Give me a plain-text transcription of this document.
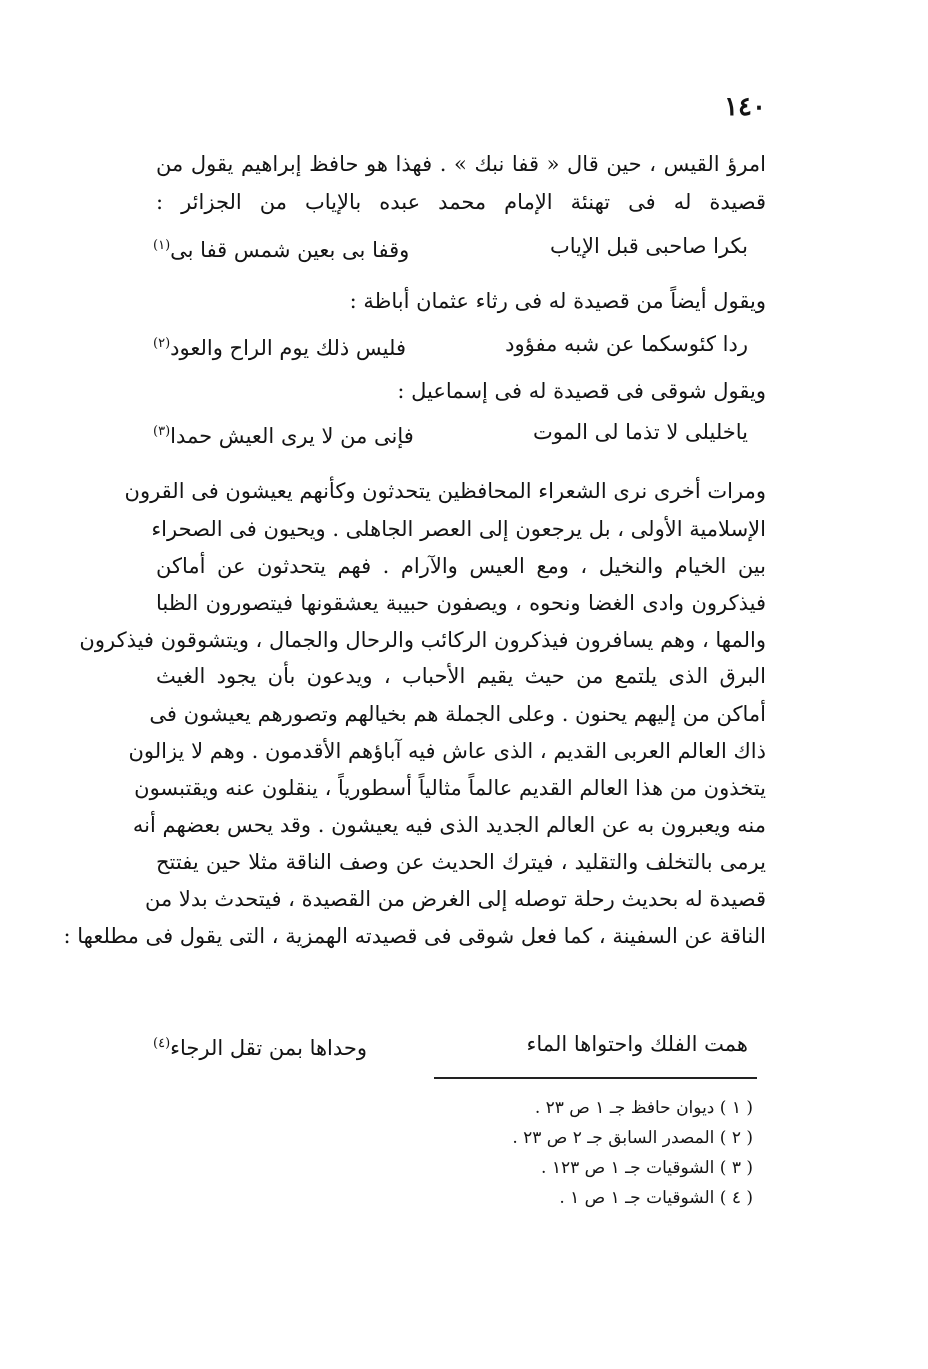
١٤٠
امرؤ القيس ، حين قال « قفا نبك » . فهذا هو حافظ إبراهيم يقول من
قصيدة له فى تهنئة الإمام محمد عبده بالإياب من الجزائر :
بكرا صاحبى قبل الإياب
وقفا بى بعين شمس قفا بى$^{(١)}$
ويقول أيضاً من قصيدة له فى رثاء عثمان أباظة :
ردا كئوسكما عن شبه مفؤود
فليس ذلك يوم الراح والعود$^{(٢)}$
ويقول شوقى فى قصيدة له فى إسماعيل :
ياخليلى لا تذما لى الموت
فإنى من لا يرى العيش حمدا$^{(٣)}$
ومرات أخرى نرى الشعراء المحافظين يتحدثون وكأنهم يعيشون فى القرون
الإسلامية الأولى ، بل يرجعون إلى العصر الجاهلى . ويحيون فى الصحراء
بين الخيام والنخيل ، ومع العيس والآرام . فهم يتحدثون عن أماكن
فيذكرون وادى الغضا ونحوه ، ويصفون حبيبة يعشقونها فيتصورون الظبا
والمها ، وهم يسافرون فيذكرون الركائب والرحال والجمال ، ويتشوقون فيذكرون
البرق الذى يلتمع من حيث يقيم الأحباب ، ويدعون بأن يجود الغيث
أماكن من إليهم يحنون . وعلى الجملة هم بخيالهم وتصورهم يعيشون فى
ذاك العالم العربى القديم ، الذى عاش فيه آباؤهم الأقدمون . وهم لا يزالون
يتخذون من هذا العالم القديم عالماً مثالياً أسطورياً ، ينقلون عنه ويقتبسون
منه ويعبرون به عن العالم الجديد الذى فيه يعيشون . وقد يحس بعضهم أنه
يرمى بالتخلف والتقليد ، فيترك الحديث عن وصف الناقة مثلا حين يفتتح
قصيدة له بحديث رحلة توصله إلى الغرض من القصيدة ، فيتحدث بدلا من
الناقة عن السفينة ، كما فعل شوقى فى قصيدته الهمزية ، التى يقول فى مطلعها :
همت الفلك واحتواها الماء
وحداها بمن تقل الرجاء$^{(٤)}$
( ١ ) ديوان حافظ جـ ١ ص ٢٣ .
( ٢ ) المصدر السابق جـ ٢ ص ٢٣ .
( ٣ ) الشوقيات جـ ١ ص ١٢٣ .
( ٤ ) الشوقيات جـ ١ ص ١ .
